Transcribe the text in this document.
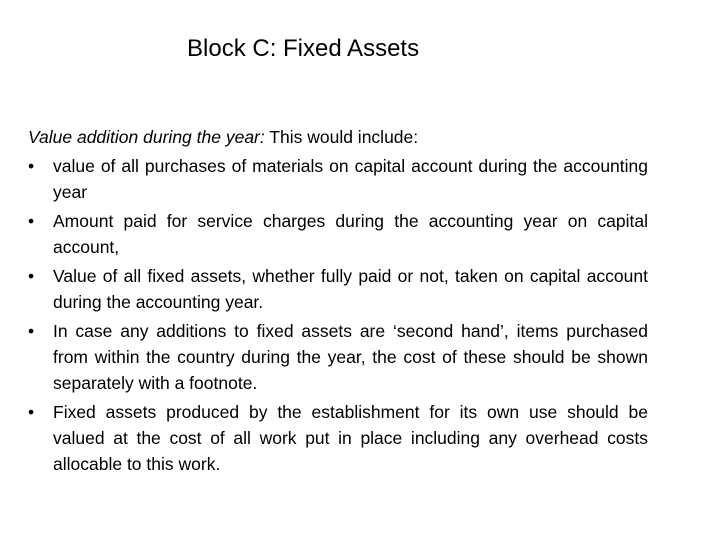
Block C: Fixed Assets

Value addition during the year: This would include:

• value of all purchases of materials on capital account during the accounting year
• Amount paid for service charges during the accounting year on capital account,
• Value of all fixed assets, whether fully paid or not, taken on capital account during the accounting year.
• In case any additions to fixed assets are ‘second hand’, items purchased from within the country during the year, the cost of these should be shown separately with a footnote.
• Fixed assets produced by the establishment for its own use should be valued at the cost of all work put in place including any overhead costs allocable to this work.
